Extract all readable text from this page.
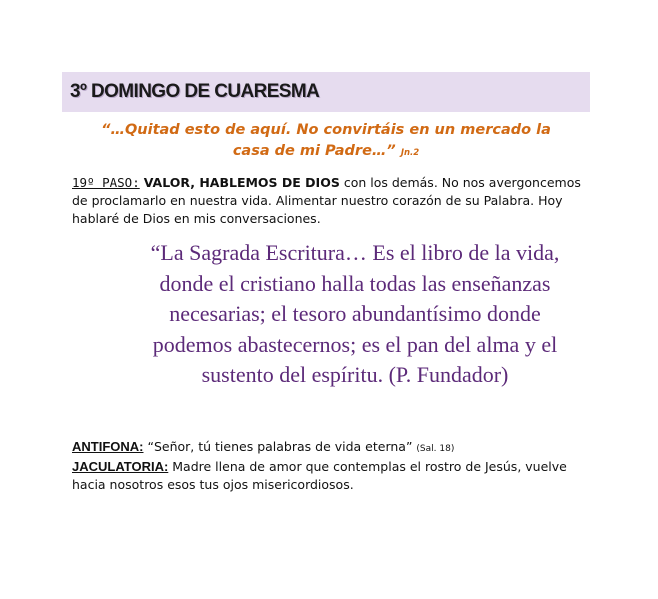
3º DOMINGO DE CUARESMA
“…Quitad esto de aquí. No convirtáis en un mercado la
casa de mi Padre…” Jn.2
19º PASO: VALOR, HABLEMOS DE DIOS con los demás. No nos avergoncemos de proclamarlo en nuestra vida. Alimentar nuestro corazón de su Palabra. Hoy hablaré de Dios en mis conversaciones.
“La Sagrada Escritura… Es el libro de la vida, donde el cristiano halla todas las enseñanzas necesarias; el tesoro abundantísimo donde podemos abastecernos; es el pan del alma y el sustento del espíritu. (P. Fundador)
ANTIFONA: “Señor, tú tienes palabras de vida eterna” (Sal. 18)
JACULATORIA: Madre llena de amor que contemplas el rostro de Jesús, vuelve hacia nosotros esos tus ojos misericordiosos.
